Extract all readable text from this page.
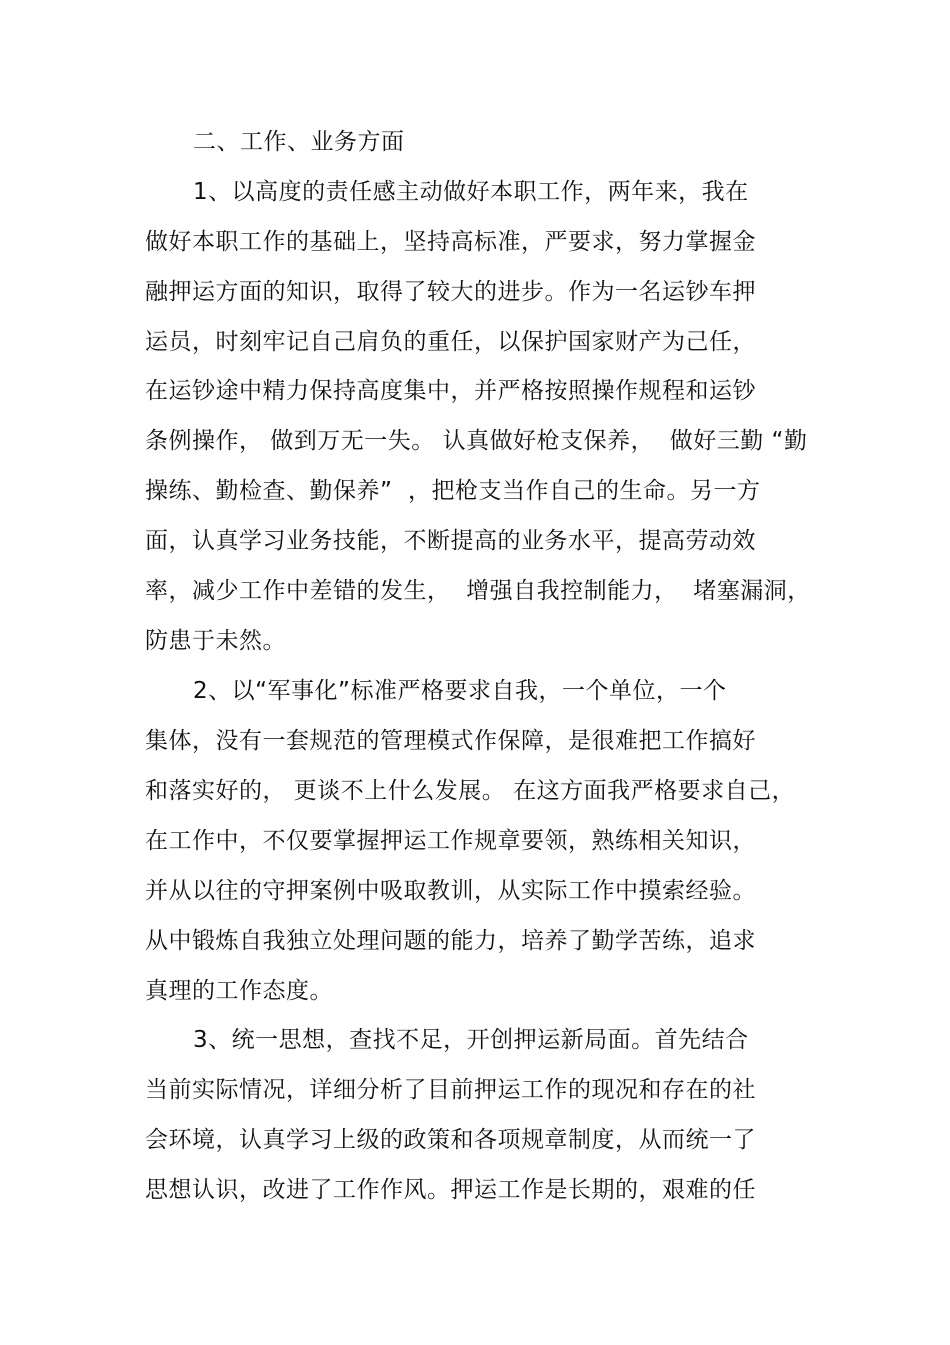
二、工作、业务方面
1、以高度的责任感主动做好本职工作，两年来，我在
做好本职工作的基础上，坚持高标准，严要求，努力掌握金
融押运方面的知识，取得了较大的进步。作为一名运钞车押
运员，时刻牢记自己肩负的重任，以保护国家财产为己任，
在运钞途中精力保持高度集中，并严格按照操作规程和运钞
条例操作， 做到万无一失。 认真做好枪支保养，  做好三勤 “勤
操练、勤检查、勤保养”  ，把枪支当作自己的生命。另一方
面，认真学习业务技能，不断提高的业务水平，提高劳动效
率，减少工作中差错的发生，  增强自我控制能力，  堵塞漏洞，
防患于未然。
2、以“军事化”标准严格要求自我，一个单位，一个
集体，没有一套规范的管理模式作保障，是很难把工作搞好
和落实好的， 更谈不上什么发展。 在这方面我严格要求自己，
在工作中，不仅要掌握押运工作规章要领，熟练相关知识，
并从以往的守押案例中吸取教训，从实际工作中摸索经验。
从中锻炼自我独立处理问题的能力，培养了勤学苦练，追求
真理的工作态度。
3、统一思想，查找不足，开创押运新局面。首先结合
当前实际情况，详细分析了目前押运工作的现况和存在的社
会环境，认真学习上级的政策和各项规章制度，从而统一了
思想认识，改进了工作作风。押运工作是长期的，艰难的任
